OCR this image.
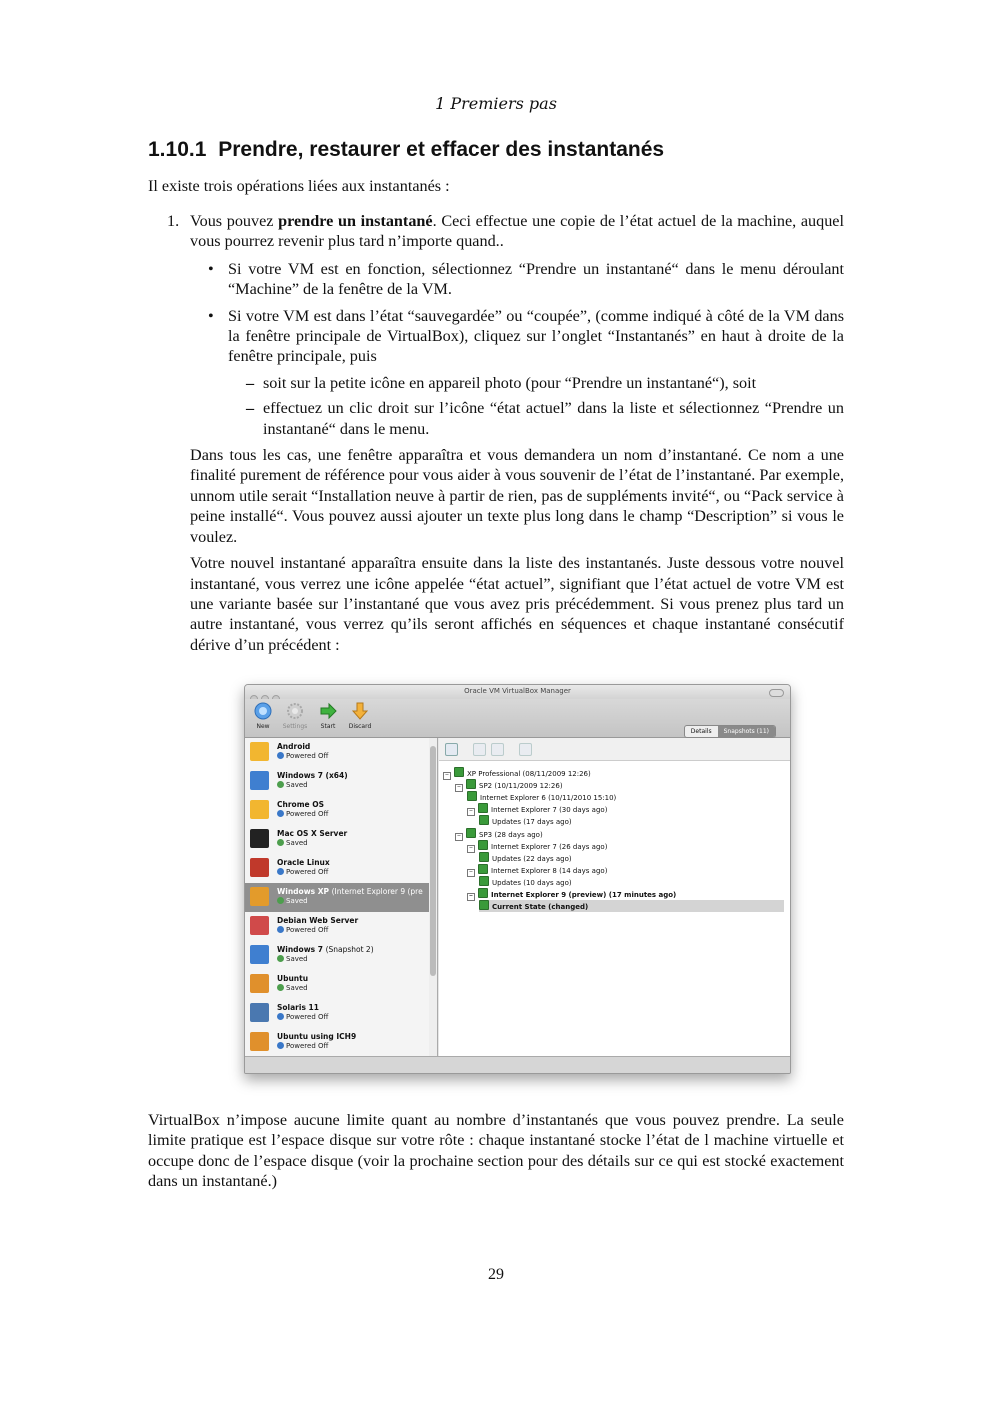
1 Premiers pas
1.10.1 Prendre, restaurer et effacer des instantanés
Il existe trois opérations liées aux instantanés :
1. Vous pouvez prendre un instantané. Ceci effectue une copie de l’état actuel de la machine, auquel vous pourrez revenir plus tard n’importe quand..
• Si votre VM est en fonction, sélectionnez “Prendre un instantané“ dans le menu déroulant “Machine” de la fenêtre de la VM.
• Si votre VM est dans l’état “sauvegardée” ou “coupée”, (comme indiqué à côté de la VM dans la fenêtre principale de VirtualBox), cliquez sur l’onglet “Instantanés” en haut à droite de la fenêtre principale, puis
– soit sur la petite icône en appareil photo (pour “Prendre un instantané“), soit
– effectuez un clic droit sur l’icône “état actuel” dans la liste et sélectionnez “Prendre un instantané“ dans le menu.
Dans tous les cas, une fenêtre apparaîtra et vous demandera un nom d’instantané. Ce nom a une finalité purement de référence pour vous aider à vous souvenir de l’état de l’instantané. Par exemple, unnom utile serait “Installation neuve à partir de rien, pas de suppléments invité“, ou “Pack service à peine installé“. Vous pouvez aussi ajouter un texte plus long dans le champ “Description” si vous le voulez.
Votre nouvel instantané apparaîtra ensuite dans la liste des instantanés. Juste dessous votre nouvel instantané, vous verrez une icône appelée “état actuel”, signifiant que l’état actuel de votre VM est une variante basée sur l’instantané que vous avez pris précédemment. Si vous prenez plus tard un autre instantané, vous verrez qu’ils seront affichés en séquences et chaque instantané consécutif dérive d’un précédent :
Oracle VM VirtualBox Manager
New	Settings	Start	Discard
Details	Snapshots (11)
Android
Powered Off
Windows 7 (x64)
Saved
Chrome OS
Powered Off
Mac OS X Server
Saved
Oracle Linux
Powered Off
Windows XP (Internet Explorer 9 (pre
Saved
Debian Web Server
Powered Off
Windows 7 (Snapshot 2)
Saved
Ubuntu
Saved
Solaris 11
Powered Off
Ubuntu using ICH9
Powered Off
−	XP Professional (08/11/2009 12:26)
−	SP2 (10/11/2009 12:26)
Internet Explorer 6 (10/11/2010 15:10)
−	Internet Explorer 7 (30 days ago)
Updates (17 days ago)
−	SP3 (28 days ago)
−	Internet Explorer 7 (26 days ago)
Updates (22 days ago)
−	Internet Explorer 8 (14 days ago)
Updates (10 days ago)
−	Internet Explorer 9 (preview) (17 minutes ago)
Current State (changed)
VirtualBox n’impose aucune limite quant au nombre d’instantanés que vous pouvez prendre. La seule limite pratique est l’espace disque sur votre rôte : chaque instantané stocke l’état de l machine virtuelle et occupe donc de l’espace disque (voir la prochaine section pour des détails sur ce qui est stocké exactement dans un instantané.)
29
